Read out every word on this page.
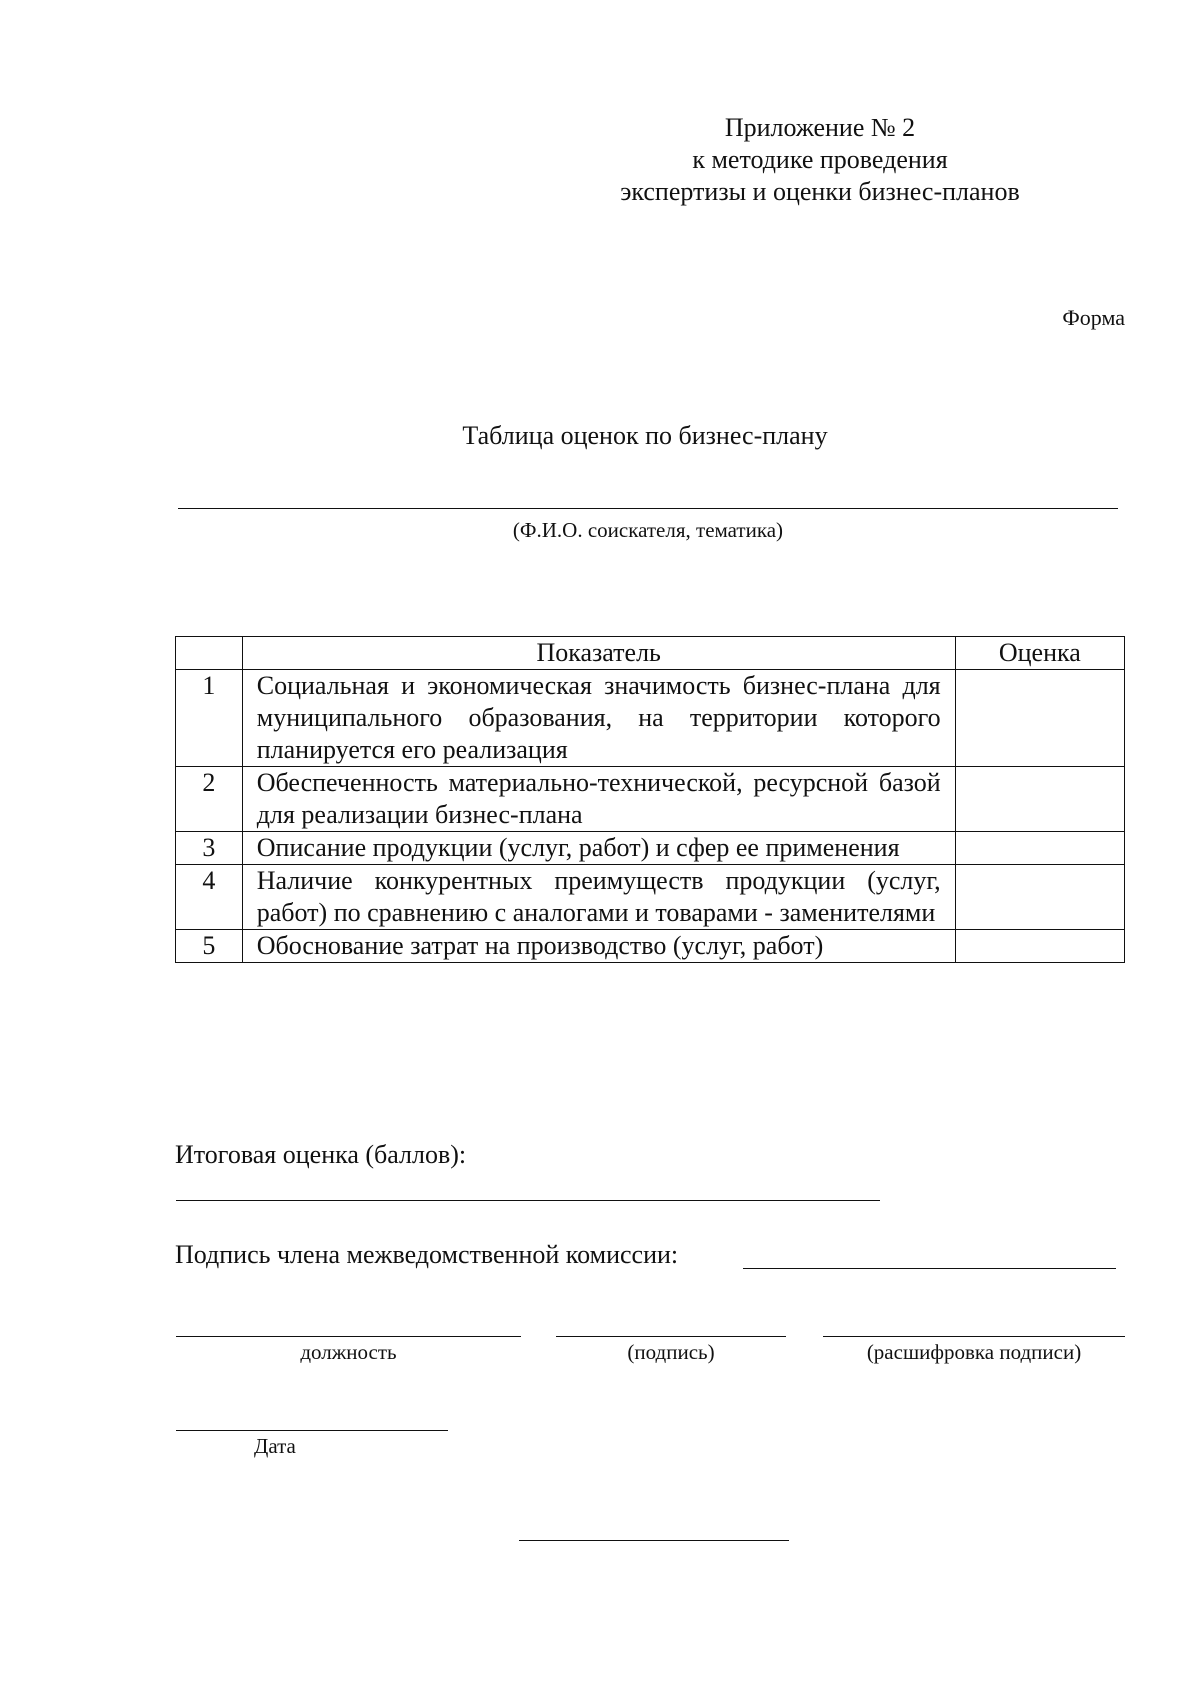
Приложение № 2
к методике проведения
экспертизы и оценки бизнес-планов
Форма
Таблица оценок по бизнес-плану
(Ф.И.О. соискателя, тематика)
	Показатель	Оценка
1	Социальная и экономическая значимость бизнес-плана для муниципального образования, на территории которого планируется его реализация	
2	Обеспеченность материально-технической, ресурсной базой для реализации бизнес-плана	
3	Описание продукции (услуг, работ) и сфер ее применения	
4	Наличие конкурентных преимуществ продукции (услуг, работ) по сравнению с аналогами и товарами - заменителями	
5	Обоснование затрат на производство (услуг, работ)	
Итоговая оценка (баллов):
Подпись члена межведомственной комиссии:
должность	(подпись)	(расшифровка подписи)
Дата
